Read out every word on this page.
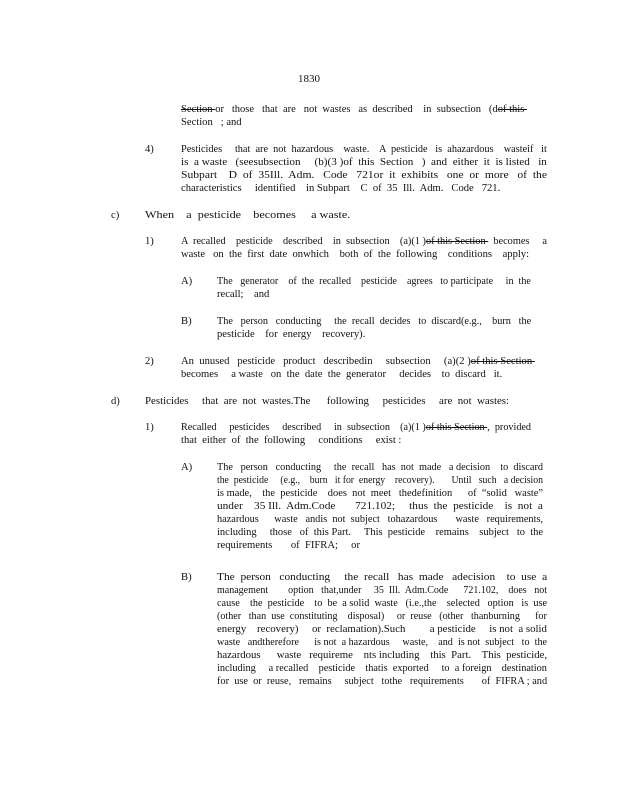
1830
Section or   those   that  are   not  wastes   as  described    in  subsection   (dof this
Section   ; and
4)	Pesticides     that  are  not  hazardous    waste.    A  pesticide   is  ahazardous    wasteif   it
is  a waste   (seesubsection     (b)(3 )of  this  Section   )  and  either  it  is listed   in
Subpart    D  of  35Ill.  Adm.   Code   721or  it  exhibits   one  or  more   of  the
characteristics     identified    in Subpart    C  of  35  Ill.  Adm.   Code   721.
c) When    a  pesticide    becomes     a waste.
1)	A  recalled    pesticide    described    in  subsection    (a)(1 )of this Section   becomes     a
waste   on  the  first  date  onwhich    both  of  the  following    conditions    apply:
A) The   generator    of  the  recalled    pesticide    agrees   to participate     in  the
recall;    and
B) The   person   conducting     the  recall  decides   to  discard(e.g.,    burn   the
pesticide    for  energy    recovery).
2)	An  unused   pesticide   product   describedin     subsection     (a)(2 )of this Section
becomes     a waste   on  the  date  the  generator     decides    to  discard   it.
d) Pesticides     that  are  not  wastes.The      following     pesticides     are  not  wastes:
1)	Recalled     pesticides     described     in  subsection    (a)(1 )of this Section ,  provided
that  either  of  the  following     conditions     exist :
A) The   person   conducting     the  recall   has  not  made   a decision    to  discard
the  pesticide     (e.g.,    burn   it for  energy    recovery).       Until   such   a decision
is made,    the  pesticide    does  not  meet   thedefinition      of  “solid   waste”
under    35 Ill.  Adm.Code       721.102;     thus  the  pesticide    is  not  a
hazardous      waste   andis  not  subject   tohazardous       waste   requirements,
including     those   of  this Part.     This  pesticide    remains    subject   to  the
requirements       of  FIFRA;     or
B) The  person   conducting     the  recall   has  made   adecision    to  use  a
management        option   that,under     35  Ill.  Adm.Code      721.102,    does   not
cause    the  pesticide    to  be  a solid  waste   (i.e.,the    selected   option   is  use
(other   than  use  constituting    disposal)     or  reuse   (other   thanburning      for
energy    recovery)     or  reclamation).Such         a pesticide     is not  a solid
waste   andtherefore      is not  a hazardous     waste,    and  is not  subject   to  the
hazardous      waste   requireme    nts including    this  Part.    This  pesticide,
including     a recalled    pesticide    thatis  exported     to  a foreign    destination
for  use  or  reuse,   remains     subject   tothe   requirements       of  FIFRA ; and
